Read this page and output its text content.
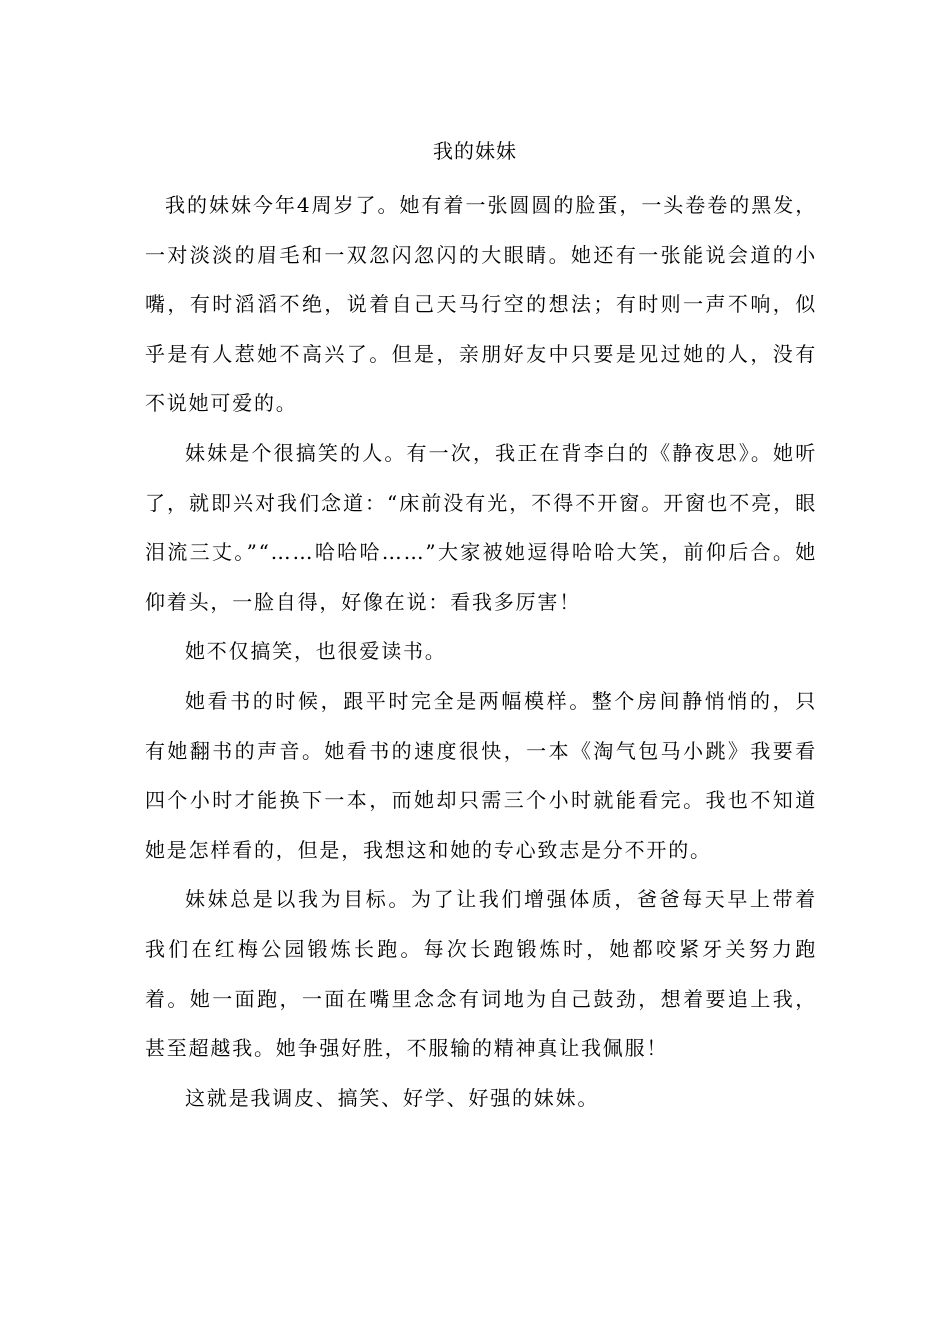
我的妹妹

我的妹妹今年4周岁了。她有着一张圆圆的脸蛋，一头卷卷的黑发，一对淡淡的眉毛和一双忽闪忽闪的大眼睛。她还有一张能说会道的小嘴，有时滔滔不绝，说着自己天马行空的想法；有时则一声不响，似乎是有人惹她不高兴了。但是，亲朋好友中只要是见过她的人，没有不说她可爱的。

妹妹是个很搞笑的人。有一次，我正在背李白的《静夜思》。她听了，就即兴对我们念道：“床前没有光，不得不开窗。开窗也不亮，眼泪流三丈。”“……哈哈哈……”大家被她逗得哈哈大笑，前仰后合。她仰着头，一脸自得，好像在说：看我多厉害！

她不仅搞笑，也很爱读书。

她看书的时候，跟平时完全是两幅模样。整个房间静悄悄的，只有她翻书的声音。她看书的速度很快，一本《淘气包马小跳》我要看四个小时才能换下一本，而她却只需三个小时就能看完。我也不知道她是怎样看的，但是，我想这和她的专心致志是分不开的。

妹妹总是以我为目标。为了让我们增强体质，爸爸每天早上带着我们在红梅公园锻炼长跑。每次长跑锻炼时，她都咬紧牙关努力跑着。她一面跑，一面在嘴里念念有词地为自己鼓劲，想着要追上我，甚至超越我。她争强好胜，不服输的精神真让我佩服！

这就是我调皮、搞笑、好学、好强的妹妹。
